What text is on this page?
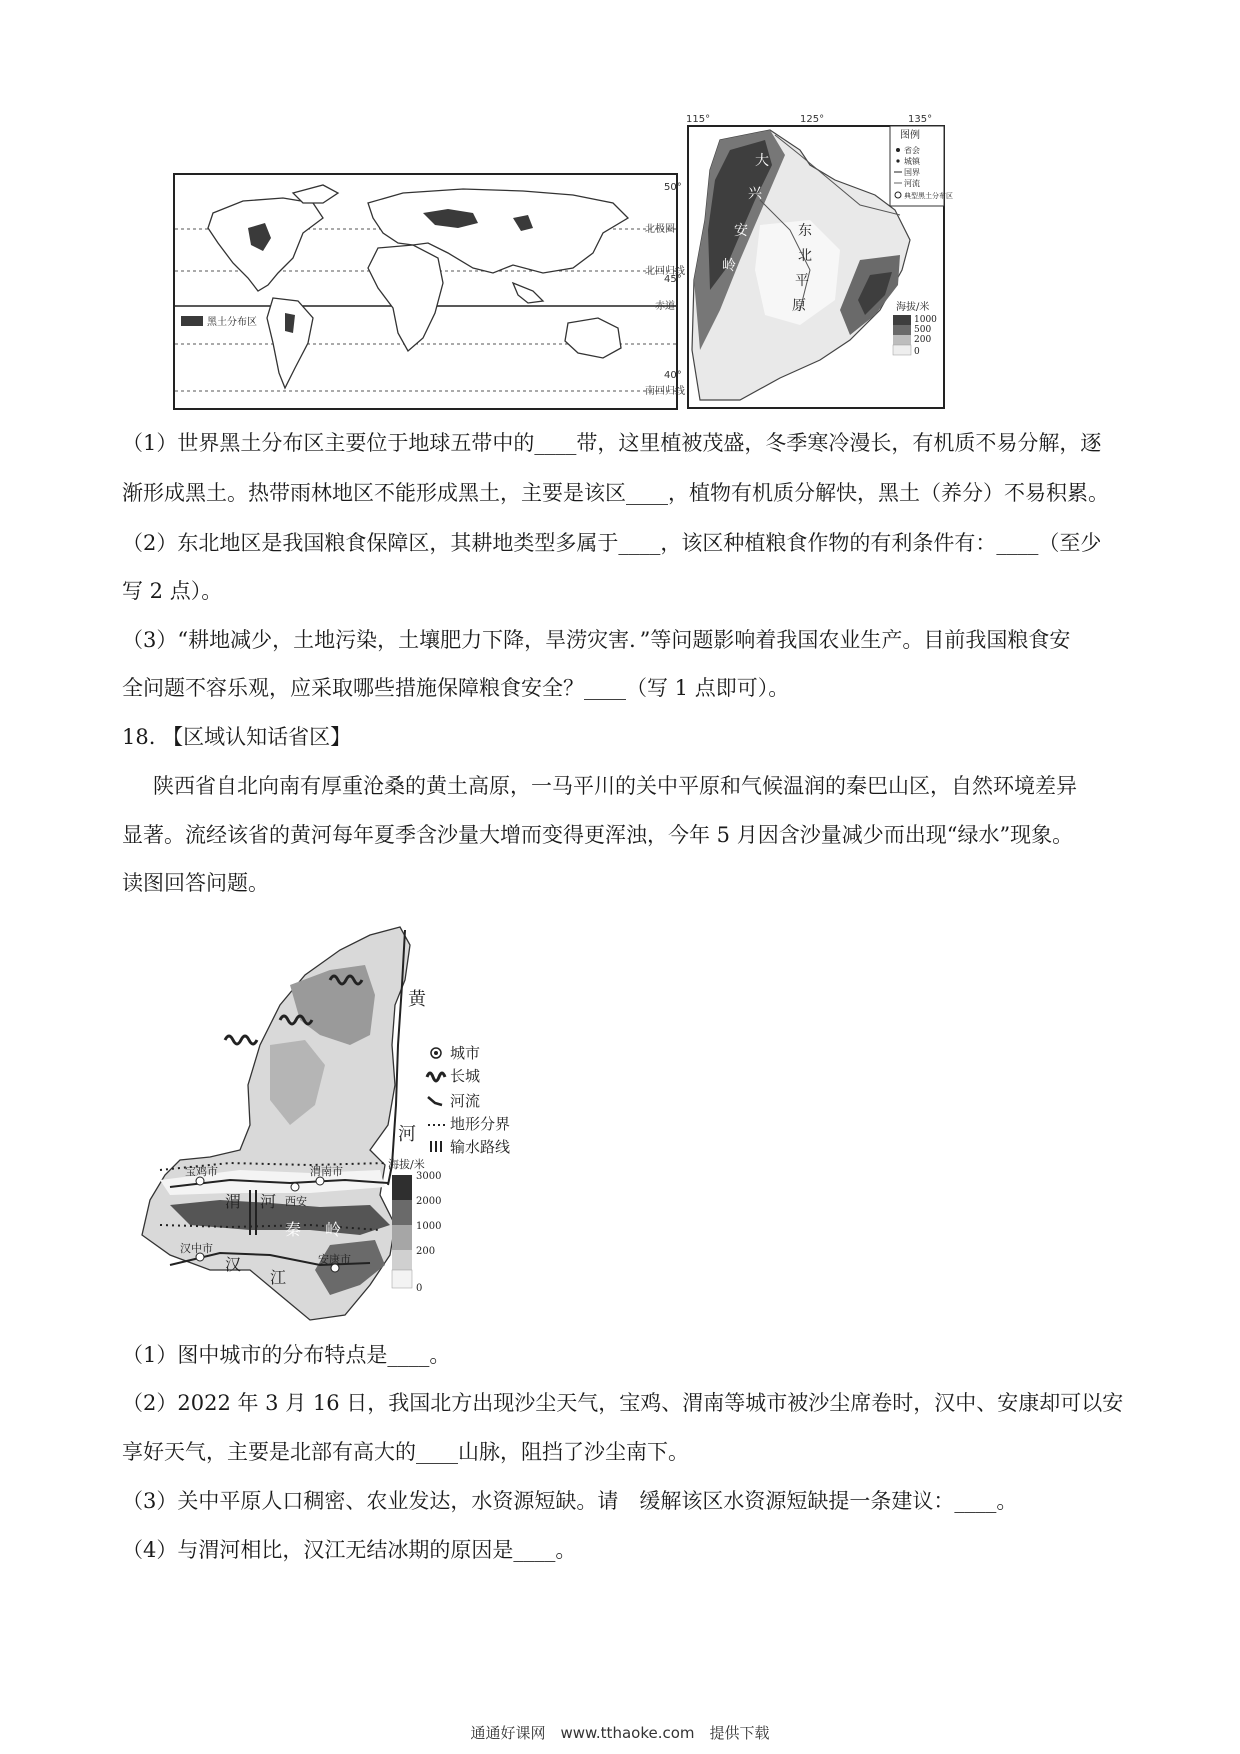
黑土分布区
北极圈
北回归线
赤道
南回归线
115°	125°	135°
50°
45°
40°
大
兴
安
岭
东
北
平
原
图例
省会
城镇
国界
河流
典型黑土分布区
海拔/米
1000
500
200
0
（1）世界黑土分布区主要位于地球五带中的____带，这里植被茂盛，冬季寒冷漫长，有机质不易分解，逐
渐形成黑土。热带雨林地区不能形成黑土，主要是该区____，植物有机质分解快，黑土（养分）不易积累。
（2）东北地区是我国粮食保障区，其耕地类型多属于____，该区种植粮食作物的有利条件有：____（至少
写 2 点）。
（3）“耕地减少，土地污染，土壤肥力下降，旱涝灾害．”等问题影响着我国农业生产。目前我国粮食安
全问题不容乐观，应采取哪些措施保障粮食安全？____（写 1 点即可）。
18. 【区域认知话省区】
陕西省自北向南有厚重沧桑的黄土高原，一马平川的关中平原和气候温润的秦巴山区，自然环境差异
显著。流经该省的黄河每年夏季含沙量大增而变得更浑浊，今年 5 月因含沙量减少而出现“绿水”现象。
读图回答问题。
黄
河
宝鸡市
西安
渭南市
渭 河
秦 岭
汉中市
汉
江
安康市
城市
长城
河流
地形分界
输水路线
海拔/米
3000
2000
1000
200
0
（1）图中城市的分布特点是____。
（2）2022 年 3 月 16 日，我国北方出现沙尘天气，宝鸡、渭南等城市被沙尘席卷时，汉中、安康却可以安
享好天气，主要是北部有高大的____山脉，阻挡了沙尘南下。
（3）关中平原人口稠密、农业发达，水资源短缺。请　缓解该区水资源短缺提一条建议：____。
（4）与渭河相比，汉江无结冰期的原因是____。
通通好课网　www.tthaoke.com　提供下载
